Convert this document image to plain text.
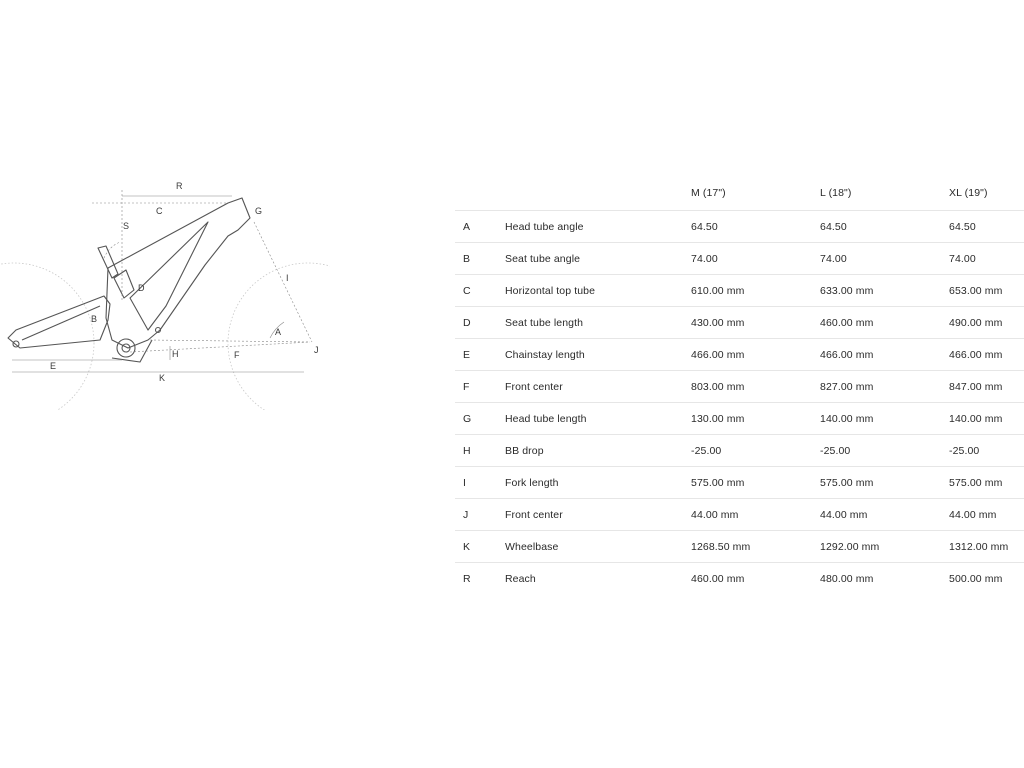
R
C	G
S
D
I
B
A
H	F	J
E
K
M (17")	L (18")	XL (19")
A	Head tube angle	64.50	64.50	64.50
B	Seat tube angle	74.00	74.00	74.00
C	Horizontal top tube	610.00 mm	633.00 mm	653.00 mm
D	Seat tube length	430.00 mm	460.00 mm	490.00 mm
E	Chainstay length	466.00 mm	466.00 mm	466.00 mm
F	Front center	803.00 mm	827.00 mm	847.00 mm
G	Head tube length	130.00 mm	140.00 mm	140.00 mm
H	BB drop	-25.00	-25.00	-25.00
I	Fork length	575.00 mm	575.00 mm	575.00 mm
J	Front center	44.00 mm	44.00 mm	44.00 mm
K	Wheelbase	1268.50 mm	1292.00 mm	1312.00 mm
R	Reach	460.00 mm	480.00 mm	500.00 mm
